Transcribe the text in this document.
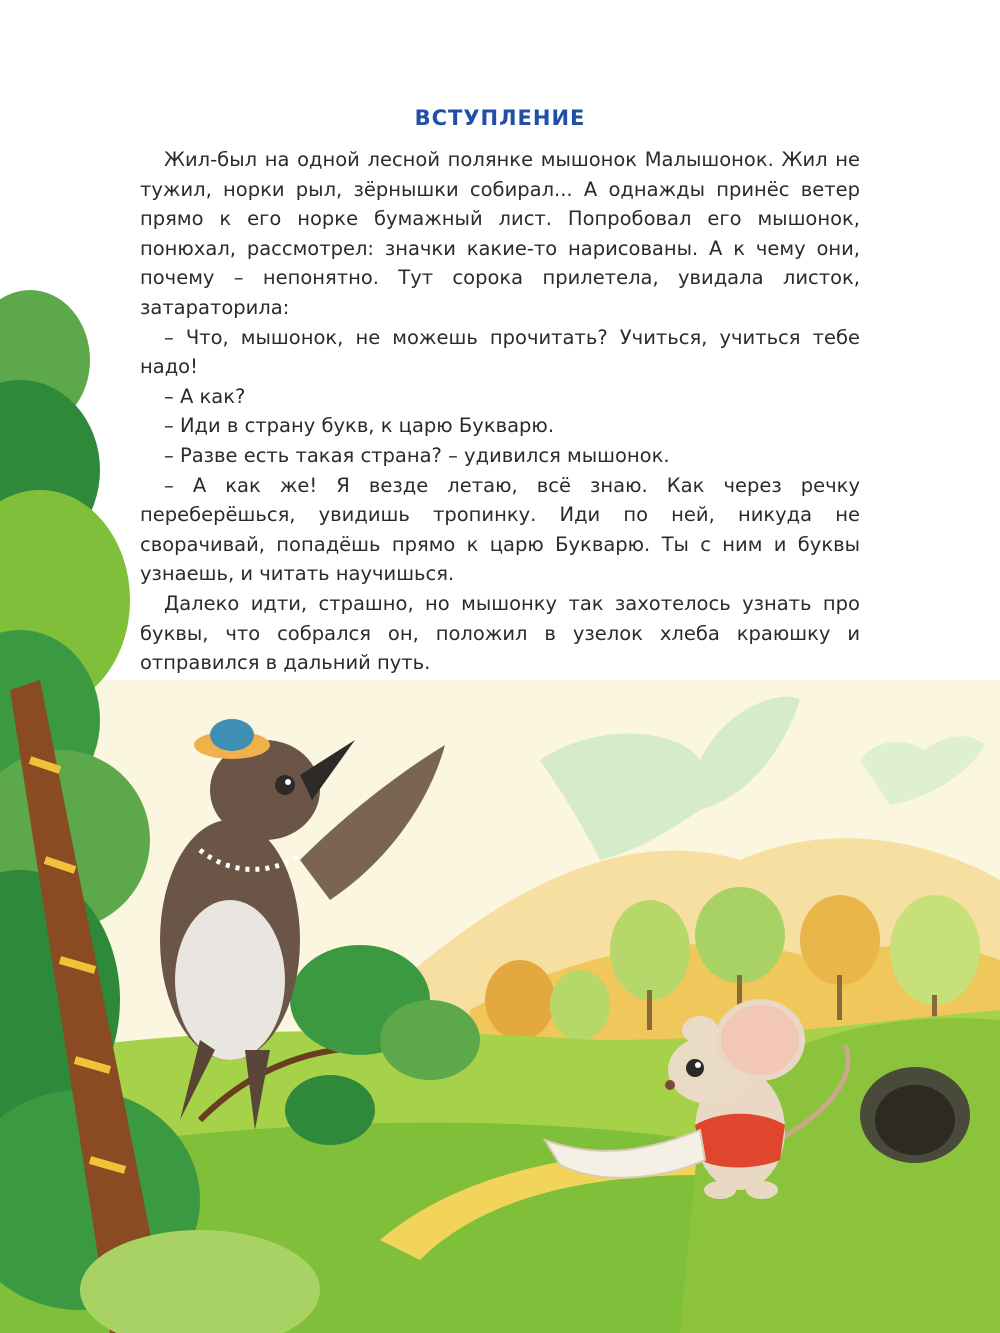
ВСТУПЛЕНИЕ

Жил-был на одной лесной полянке мышонок Малышонок. Жил не тужил, норки рыл, зёрнышки собирал... А однажды принёс ветер прямо к его норке бумажный лист. Попробовал его мышонок, понюхал, рассмотрел: значки какие-то нарисованы. А к чему они, почему – непонятно. Тут сорока прилетела, увидала листок, затараторила:

– Что, мышонок, не можешь прочитать? Учиться, учиться тебе надо!

– А как?

– Иди в страну букв, к царю Букварю.

– Разве есть такая страна? – удивился мышонок.

– А как же! Я везде летаю, всё знаю. Как через речку переберёшься, увидишь тропинку. Иди по ней, никуда не сворачивай, попадёшь прямо к царю Букварю. Ты с ним и буквы узнаешь, и читать научишься.

Далеко идти, страшно, но мышонку так захотелось узнать про буквы, что собрался он, положил в узелок хлеба краюшку и отправился в дальний путь.
